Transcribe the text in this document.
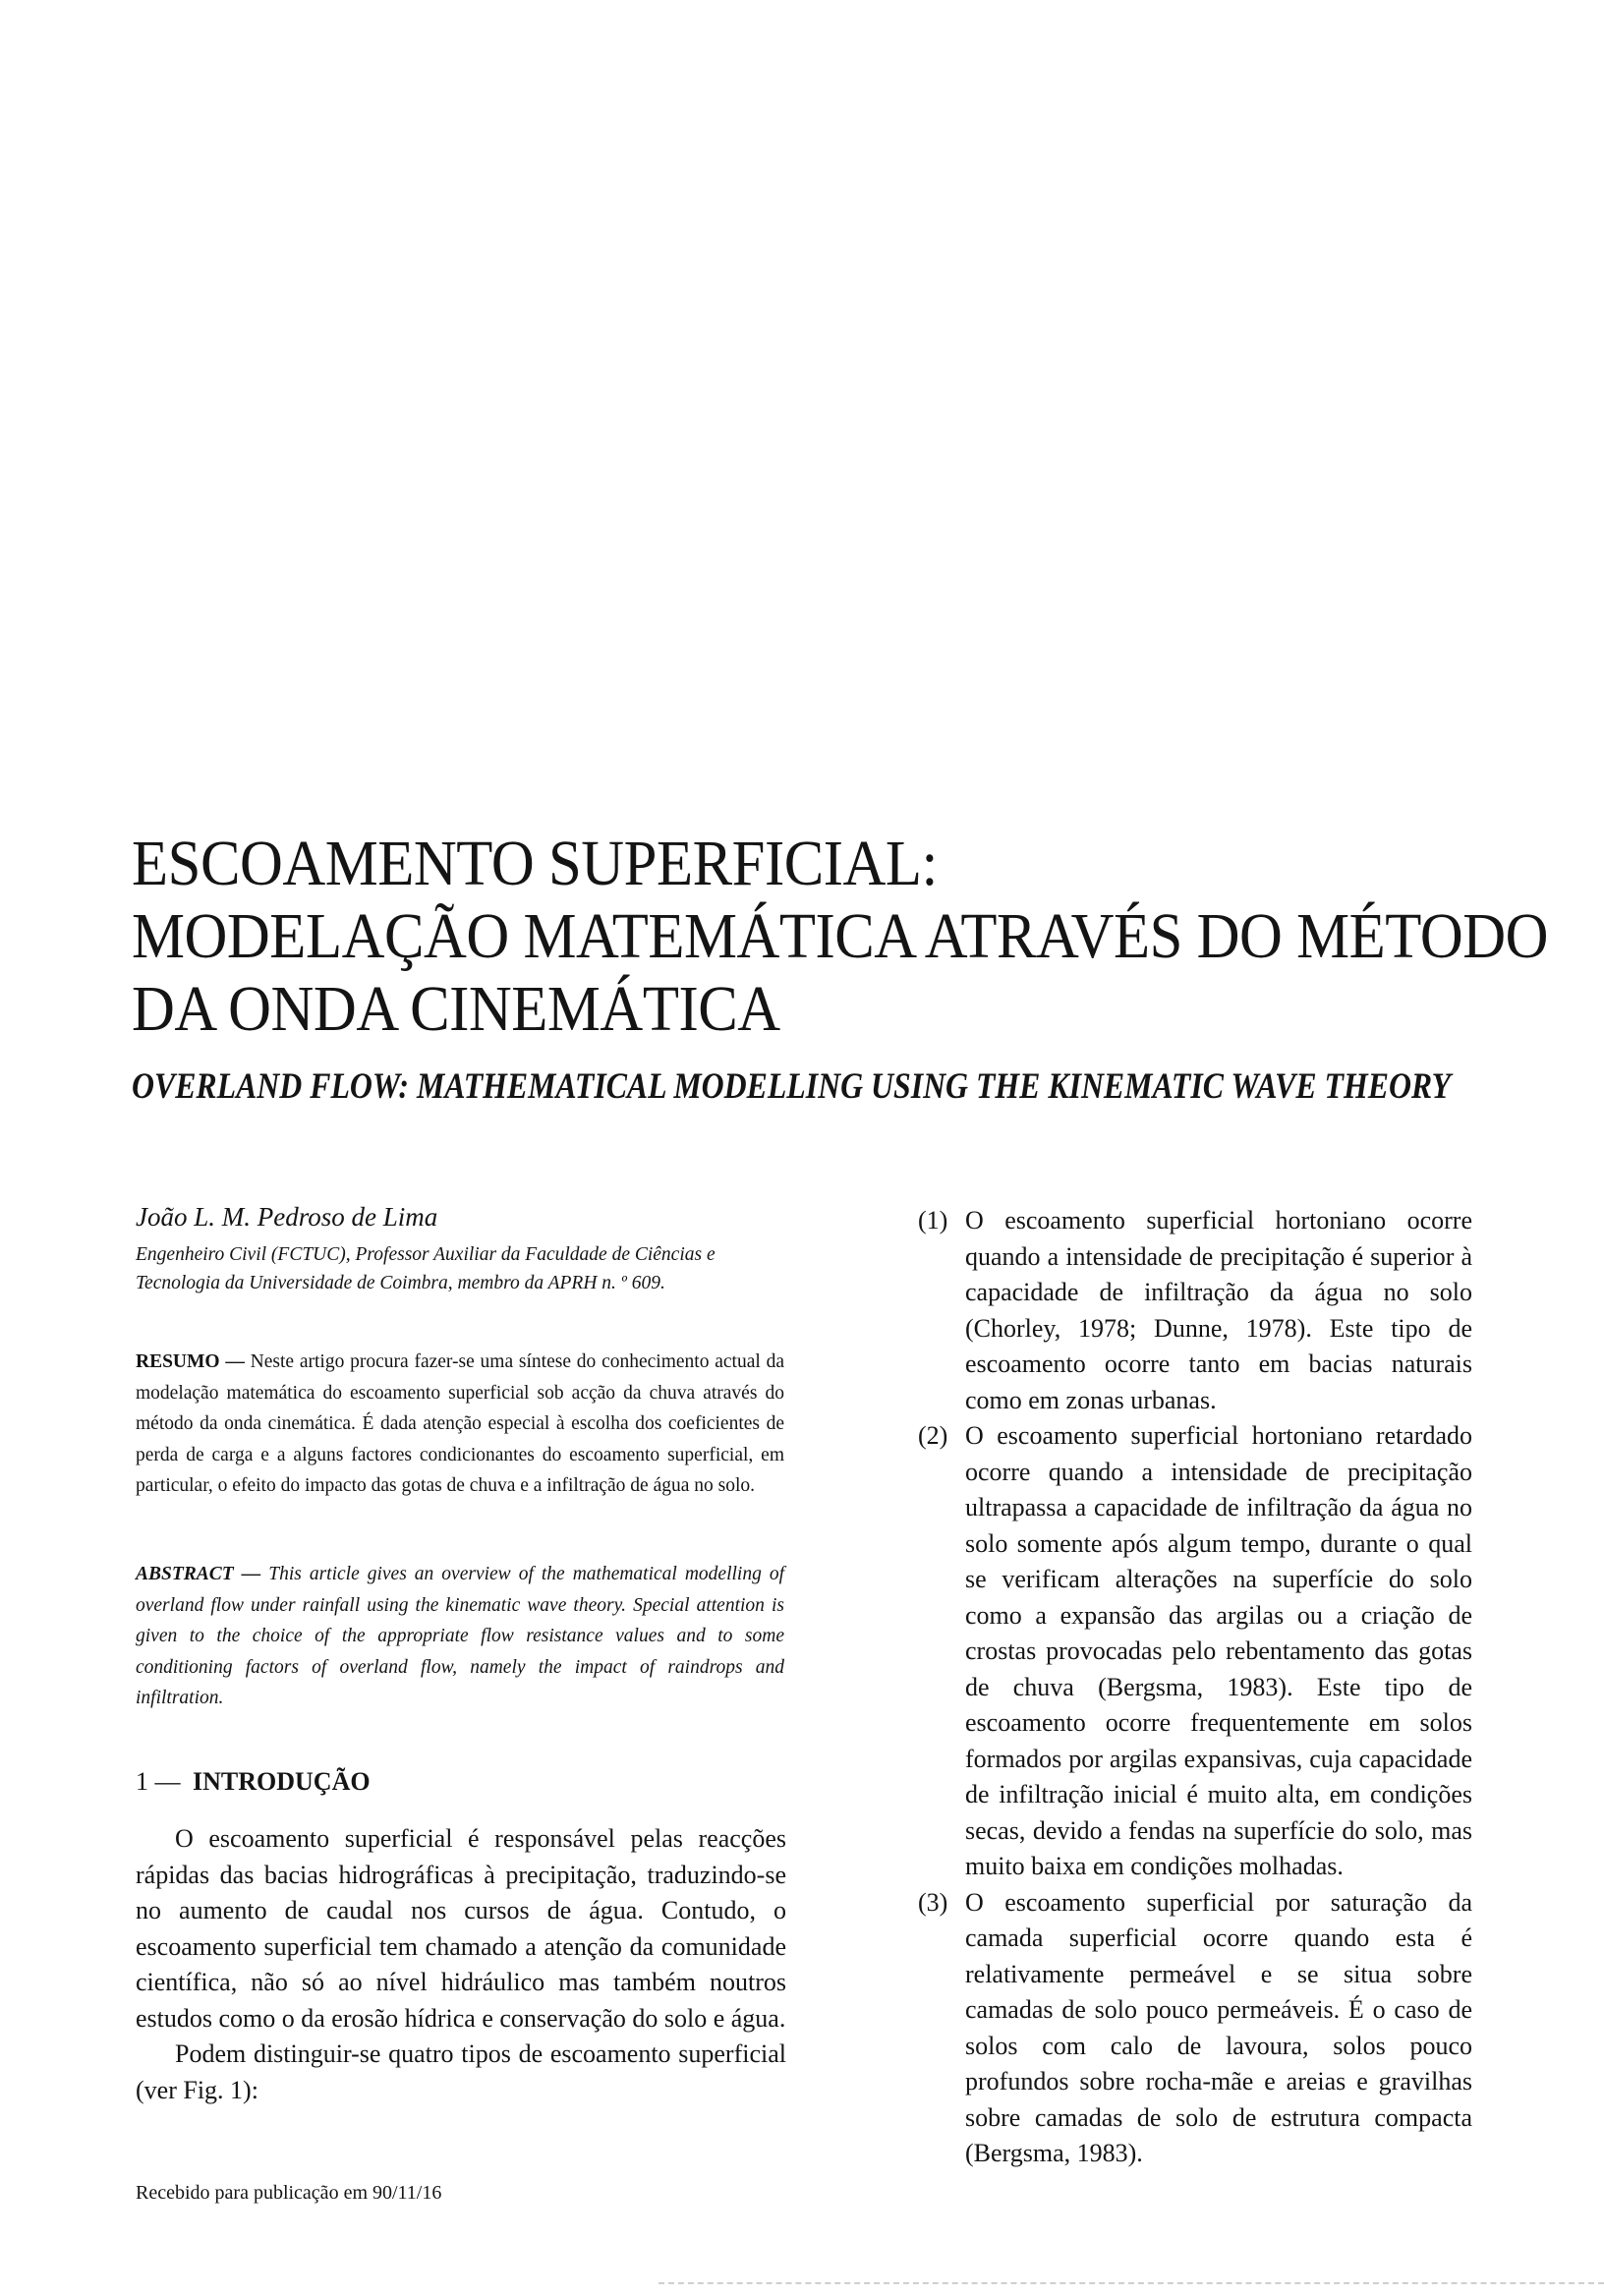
ESCOAMENTO SUPERFICIAL:
MODELAÇÃO MATEMÁTICA ATRAVÉS DO MÉTODO
DA ONDA CINEMÁTICA
OVERLAND FLOW: MATHEMATICAL MODELLING USING THE KINEMATIC WAVE THEORY
João L. M. Pedroso de Lima
Engenheiro Civil (FCTUC), Professor Auxiliar da Faculdade de Ciências e Tecnologia da Universidade de Coimbra, membro da APRH n. º 609.
RESUMO — Neste artigo procura fazer-se uma síntese do conhecimento actual da modelação matemática do escoamento superficial sob acção da chuva através do método da onda cinemática. É dada atenção especial à escolha dos coeficientes de perda de carga e a alguns factores condicionantes do escoamento superficial, em particular, o efeito do impacto das gotas de chuva e a infiltração de água no solo.
ABSTRACT — This article gives an overview of the mathematical modelling of overland flow under rainfall using the kinematic wave theory. Special attention is given to the choice of the appropriate flow resistance values and to some conditioning factors of overland flow, namely the impact of raindrops and infiltration.
1 — INTRODUÇÃO

O escoamento superficial é responsável pelas reacções rápidas das bacias hidrográficas à precipitação, traduzindo-se no aumento de caudal nos cursos de água. Contudo, o escoamento superficial tem chamado a atenção da comunidade científica, não só ao nível hidráulico mas também noutros estudos como o da erosão hídrica e conservação do solo e água.

Podem distinguir-se quatro tipos de escoamento superficial (ver Fig. 1):

Recebido para publicação em 90/11/16
(1) O escoamento superficial hortoniano ocorre quando a intensidade de precipitação é superior à capacidade de infiltração da água no solo (Chorley, 1978; Dunne, 1978). Este tipo de escoamento ocorre tanto em bacias naturais como em zonas urbanas.
(2) O escoamento superficial hortoniano retardado ocorre quando a intensidade de precipitação ultrapassa a capacidade de infiltração da água no solo somente após algum tempo, durante o qual se verificam alterações na superfície do solo como a expansão das argilas ou a criação de crostas provocadas pelo rebentamento das gotas de chuva (Bergsma, 1983). Este tipo de escoamento ocorre frequentemente em solos formados por argilas expansivas, cuja capacidade de infiltração inicial é muito alta, em condições secas, devido a fendas na superfície do solo, mas muito baixa em condições molhadas.
(3) O escoamento superficial por saturação da camada superficial ocorre quando esta é relativamente permeável e se situa sobre camadas de solo pouco permeáveis. É o caso de solos com calo de lavoura, solos pouco profundos sobre rocha-mãe e areias e gravilhas sobre camadas de solo de estrutura compacta (Bergsma, 1983).
